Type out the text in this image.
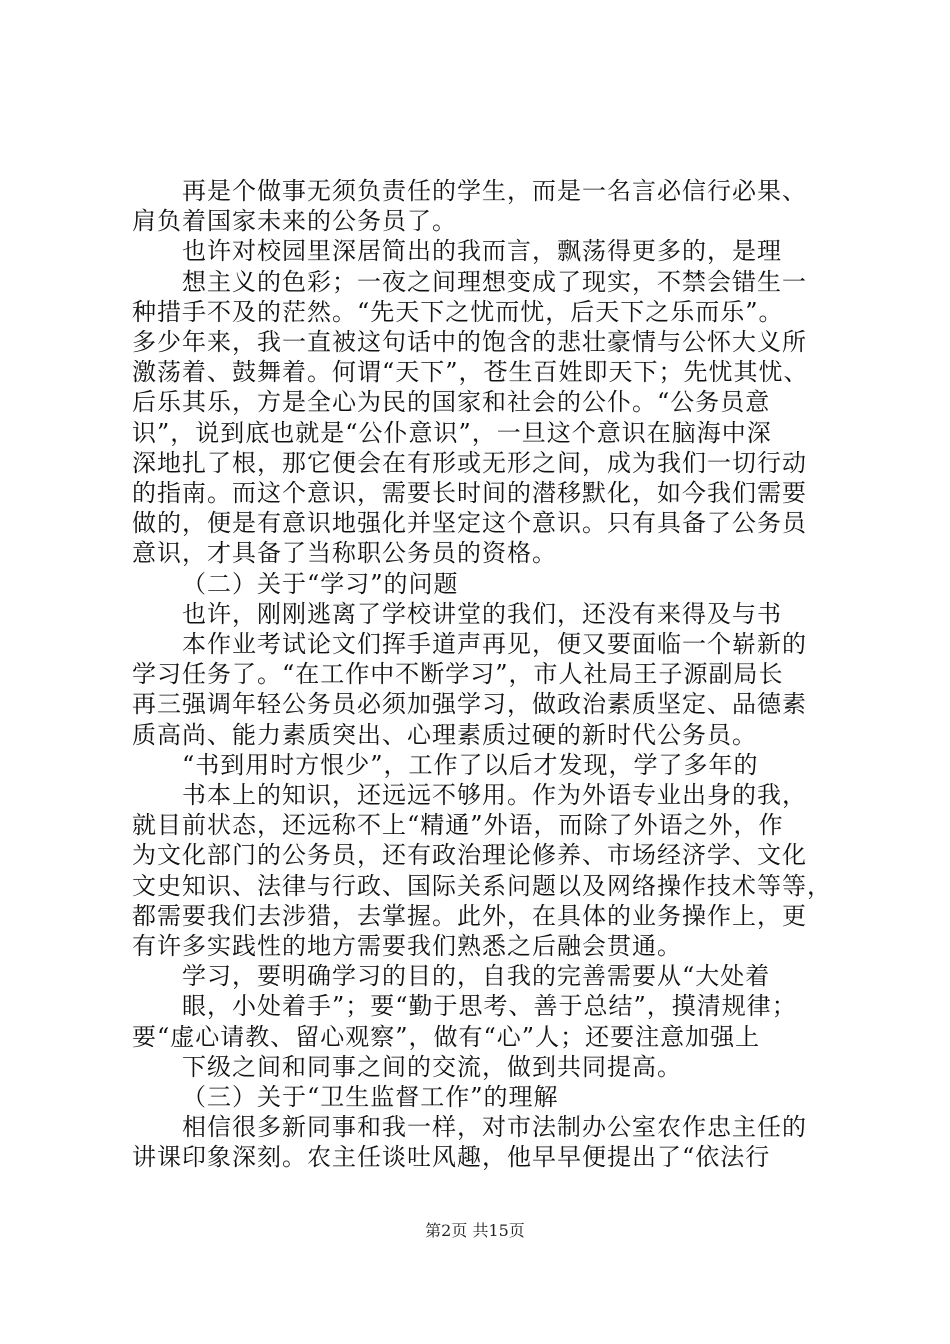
再是个做事无须负责任的学生，而是一名言必信行必果、
肩负着国家未来的公务员了。
也许对校园里深居简出的我而言，飘荡得更多的，是理
想主义的色彩；一夜之间理想变成了现实，不禁会错生一
种措手不及的茫然。“先天下之忧而忧，后天下之乐而乐”。
多少年来，我一直被这句话中的饱含的悲壮豪情与公怀大义所
激荡着、鼓舞着。何谓“天下”，苍生百姓即天下；先忧其忧、
后乐其乐，方是全心为民的国家和社会的公仆。“公务员意
识”，说到底也就是“公仆意识”，一旦这个意识在脑海中深
深地扎了根，那它便会在有形或无形之间，成为我们一切行动
的指南。而这个意识，需要长时间的潜移默化，如今我们需要
做的，便是有意识地强化并坚定这个意识。只有具备了公务员
意识，才具备了当称职公务员的资格。
（二）关于“学习”的问题
也许，刚刚逃离了学校讲堂的我们，还没有来得及与书
本作业考试论文们挥手道声再见，便又要面临一个崭新的
学习任务了。“在工作中不断学习”，市人社局王子源副局长
再三强调年轻公务员必须加强学习，做政治素质坚定、品德素
质高尚、能力素质突出、心理素质过硬的新时代公务员。
“书到用时方恨少”，工作了以后才发现，学了多年的
书本上的知识，还远远不够用。作为外语专业出身的我，
就目前状态，还远称不上“精通”外语，而除了外语之外，作
为文化部门的公务员，还有政治理论修养、市场经济学、文化
文史知识、法律与行政、国际关系问题以及网络操作技术等等，
都需要我们去涉猎，去掌握。此外，在具体的业务操作上，更
有许多实践性的地方需要我们熟悉之后融会贯通。
学习，要明确学习的目的，自我的完善需要从“大处着
眼，小处着手”；要“勤于思考、善于总结”，摸清规律；
要“虚心请教、留心观察”，做有“心”人；还要注意加强上
下级之间和同事之间的交流，做到共同提高。
（三）关于“卫生监督工作”的理解
相信很多新同事和我一样，对市法制办公室农作忠主任的
讲课印象深刻。农主任谈吐风趣，他早早便提出了“依法行
第2页 共15页
